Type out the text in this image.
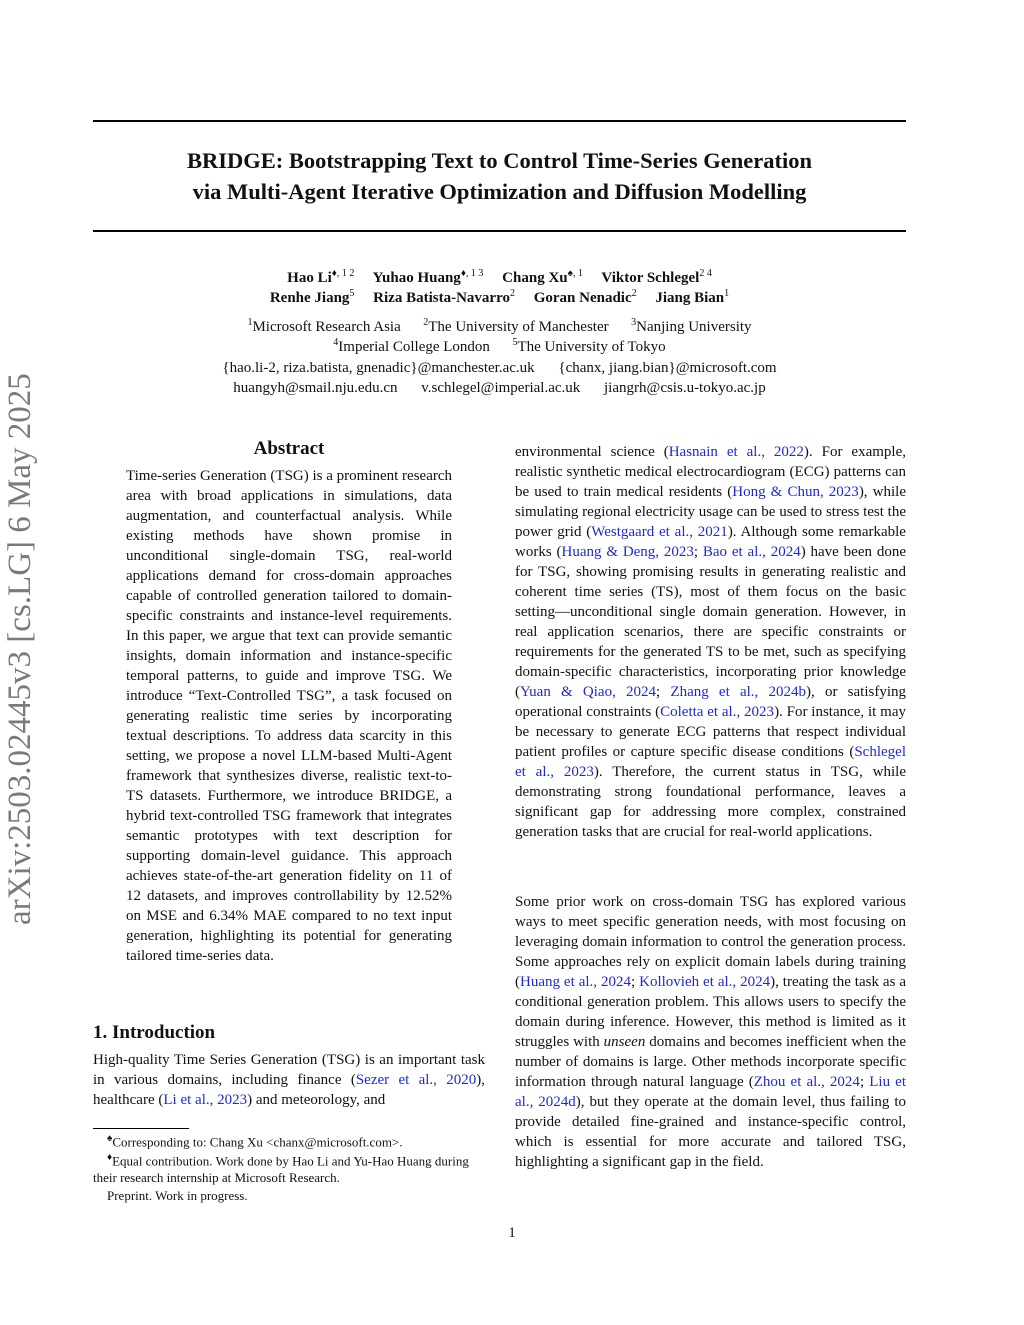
arXiv:2503.02445v3 [cs.LG] 6 May 2025
BRIDGE: Bootstrapping Text to Control Time-Series Generation
via Multi-Agent Iterative Optimization and Diffusion Modelling
Hao $Li^{♦, 1 2}$ Yuhao Huang$^{♦, 1 3}$ Chang $Xu^{♠, 1}$ Viktor Schlegel$^{2 4}$
Renhe Jiang$^5$ Riza Batista-Navarro$^2$ Goran Nenadic$^2$ Jiang Bian$^1$
$^1$Microsoft Research Asia $^2$The University of Manchester $^3$Nanjing University
$^4$Imperial College London $^5$The University of Tokyo
{hao.li-2, riza.batista, gnenadic}@manchester.ac.uk {chanx, jiang.bian}@microsoft.com
huangyh@smail.nju.edu.cn v.schlegel@imperial.ac.uk jiangrh@csis.u-tokyo.ac.jp
Abstract
Time-series Generation (TSG) is a prominent research area with broad applications in simulations, data augmentation, and counterfactual analysis. While existing methods have shown promise in unconditional single-domain TSG, real-world applications demand for cross-domain approaches capable of controlled generation tailored to domain-specific constraints and instance-level requirements. In this paper, we argue that text can provide semantic insights, domain information and instance-specific temporal patterns, to guide and improve TSG. We introduce “Text-Controlled TSG”, a task focused on generating realistic time series by incorporating textual descriptions. To address data scarcity in this setting, we propose a novel LLM-based Multi-Agent framework that synthesizes diverse, realistic text-to-TS datasets. Furthermore, we introduce BRIDGE, a hybrid text-controlled TSG framework that integrates semantic prototypes with text description for supporting domain-level guidance. This approach achieves state-of-the-art generation fidelity on 11 of 12 datasets, and improves controllability by 12.52% on MSE and 6.34% MAE compared to no text input generation, highlighting its potential for generating tailored time-series data.
1. Introduction
High-quality Time Series Generation (TSG) is an important task in various domains, including finance (Sezer et al., 2020), healthcare (Li et al., 2023) and meteorology, and

♠Corresponding to: Chang Xu <chanx@microsoft.com>.

♦Equal contribution. Work done by Hao Li and Yu-Hao Huang during their research internship at Microsoft Research.

Preprint. Work in progress.

environmental science (Hasnain et al., 2022). For example, realistic synthetic medical electrocardiogram (ECG) patterns can be used to train medical residents (Hong & Chun, 2023), while simulating regional electricity usage can be used to stress test the power grid (Westgaard et al., 2021). Although some remarkable works (Huang & Deng, 2023; Bao et al., 2024) have been done for TSG, showing promising results in generating realistic and coherent time series (TS), most of them focus on the basic setting—unconditional single domain generation. However, in real application scenarios, there are specific constraints or requirements for the generated TS to be met, such as specifying domain-specific characteristics, incorporating prior knowledge (Yuan & Qiao, 2024; Zhang et al., 2024b), or satisfying operational constraints (Coletta et al., 2023). For instance, it may be necessary to generate ECG patterns that respect individual patient profiles or capture specific disease conditions (Schlegel et al., 2023). Therefore, the current status in TSG, while demonstrating strong foundational performance, leaves a significant gap for addressing more complex, constrained generation tasks that are crucial for real-world applications.
Some prior work on cross-domain TSG has explored various ways to meet specific generation needs, with most focusing on leveraging domain information to control the generation process. Some approaches rely on explicit domain labels during training (Huang et al., 2024; Kollovieh et al., 2024), treating the task as a conditional generation problem. This allows users to specify the domain during inference. However, this method is limited as it struggles with unseen domains and becomes inefficient when the number of domains is large. Other methods incorporate specific information through natural language (Zhou et al., 2024; Liu et al., 2024d), but they operate at the domain level, thus failing to provide detailed fine-grained and instance-specific control, which is essential for more accurate and tailored TSG, highlighting a significant gap in the field.
1
